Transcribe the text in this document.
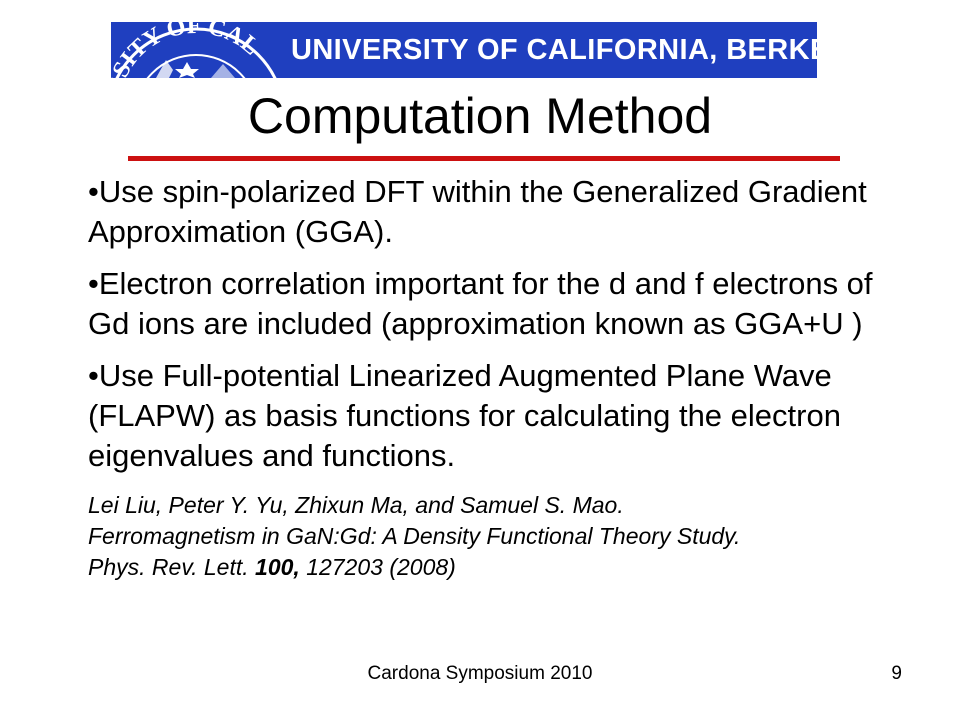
ITY OF CAL UNIVERSITY OF CALIFORNIA, BERKELEY
Computation Method

•Use spin-polarized DFT within the Generalized Gradient Approximation (GGA).

•Electron correlation important for the d and f electrons of Gd ions are included (approximation known as GGA+U )

•Use Full-potential Linearized Augmented Plane Wave (FLAPW) as basis functions for calculating the electron eigenvalues and functions.

Lei Liu, Peter Y. Yu, Zhixun Ma, and Samuel S. Mao.
Ferromagnetism in GaN:Gd: A Density Functional Theory Study.
Phys. Rev. Lett. 100, 127203 (2008)
Cardona Symposium 2010	9
